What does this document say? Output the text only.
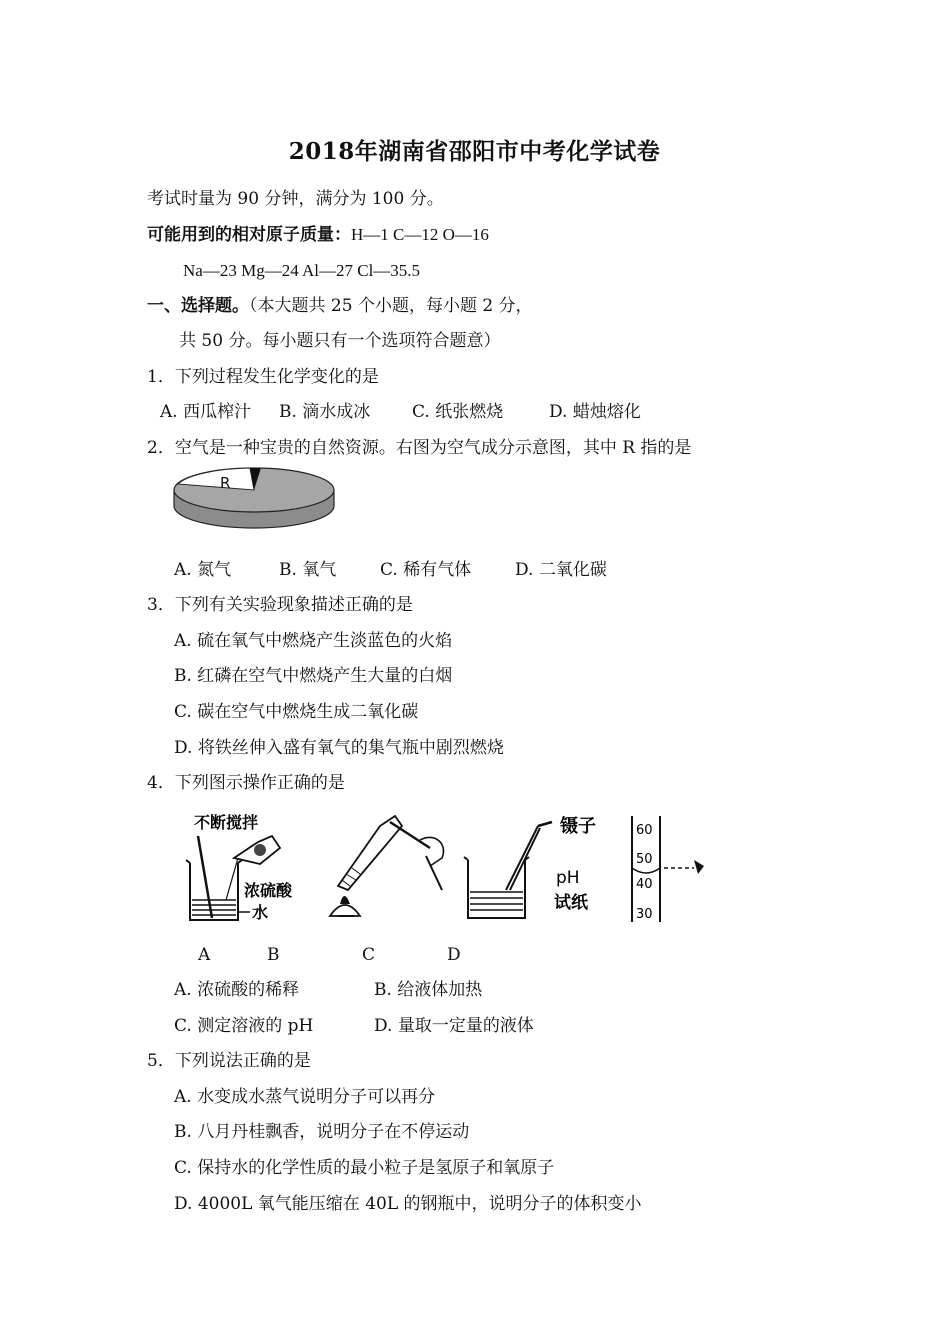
2018年湖南省邵阳市中考化学试卷
考试时量为 90 分钟，满分为 100 分。
可能用到的相对原子质量：H—1 C—12 O—16
Na—23 Mg—24 Al—27 Cl—35.5
一、选择题。（本大题共 25 个小题，每小题 2 分，
共 50 分。每小题只有一个选项符合题意）
1．下列过程发生化学变化的是
A. 西瓜榨汁 B. 滴水成冰 C. 纸张燃烧	D. 蜡烛熔化
2．空气是一种宝贵的自然资源。右图为空气成分示意图，其中 R 指的是
R
A. 氮气	B. 氧气	C. 稀有气体	D. 二氧化碳
3．下列有关实验现象描述正确的是
A. 硫在氧气中燃烧产生淡蓝色的火焰
B. 红磷在空气中燃烧产生大量的白烟
C. 碳在空气中燃烧生成二氧化碳
D. 将铁丝伸入盛有氧气的集气瓶中剧烈燃烧
4．下列图示操作正确的是
不断搅拌
浓硫酸
水
镊子
pH
试纸
60
50
40
30
A	B	C	D
A. 浓硫酸的稀释	B. 给液体加热
C. 测定溶液的 pH	D. 量取一定量的液体
5．下列说法正确的是
A. 水变成水蒸气说明分子可以再分
B. 八月丹桂飘香，说明分子在不停运动
C. 保持水的化学性质的最小粒子是氢原子和氧原子
D. 4000L 氧气能压缩在 40L 的钢瓶中，说明分子的体积变小
